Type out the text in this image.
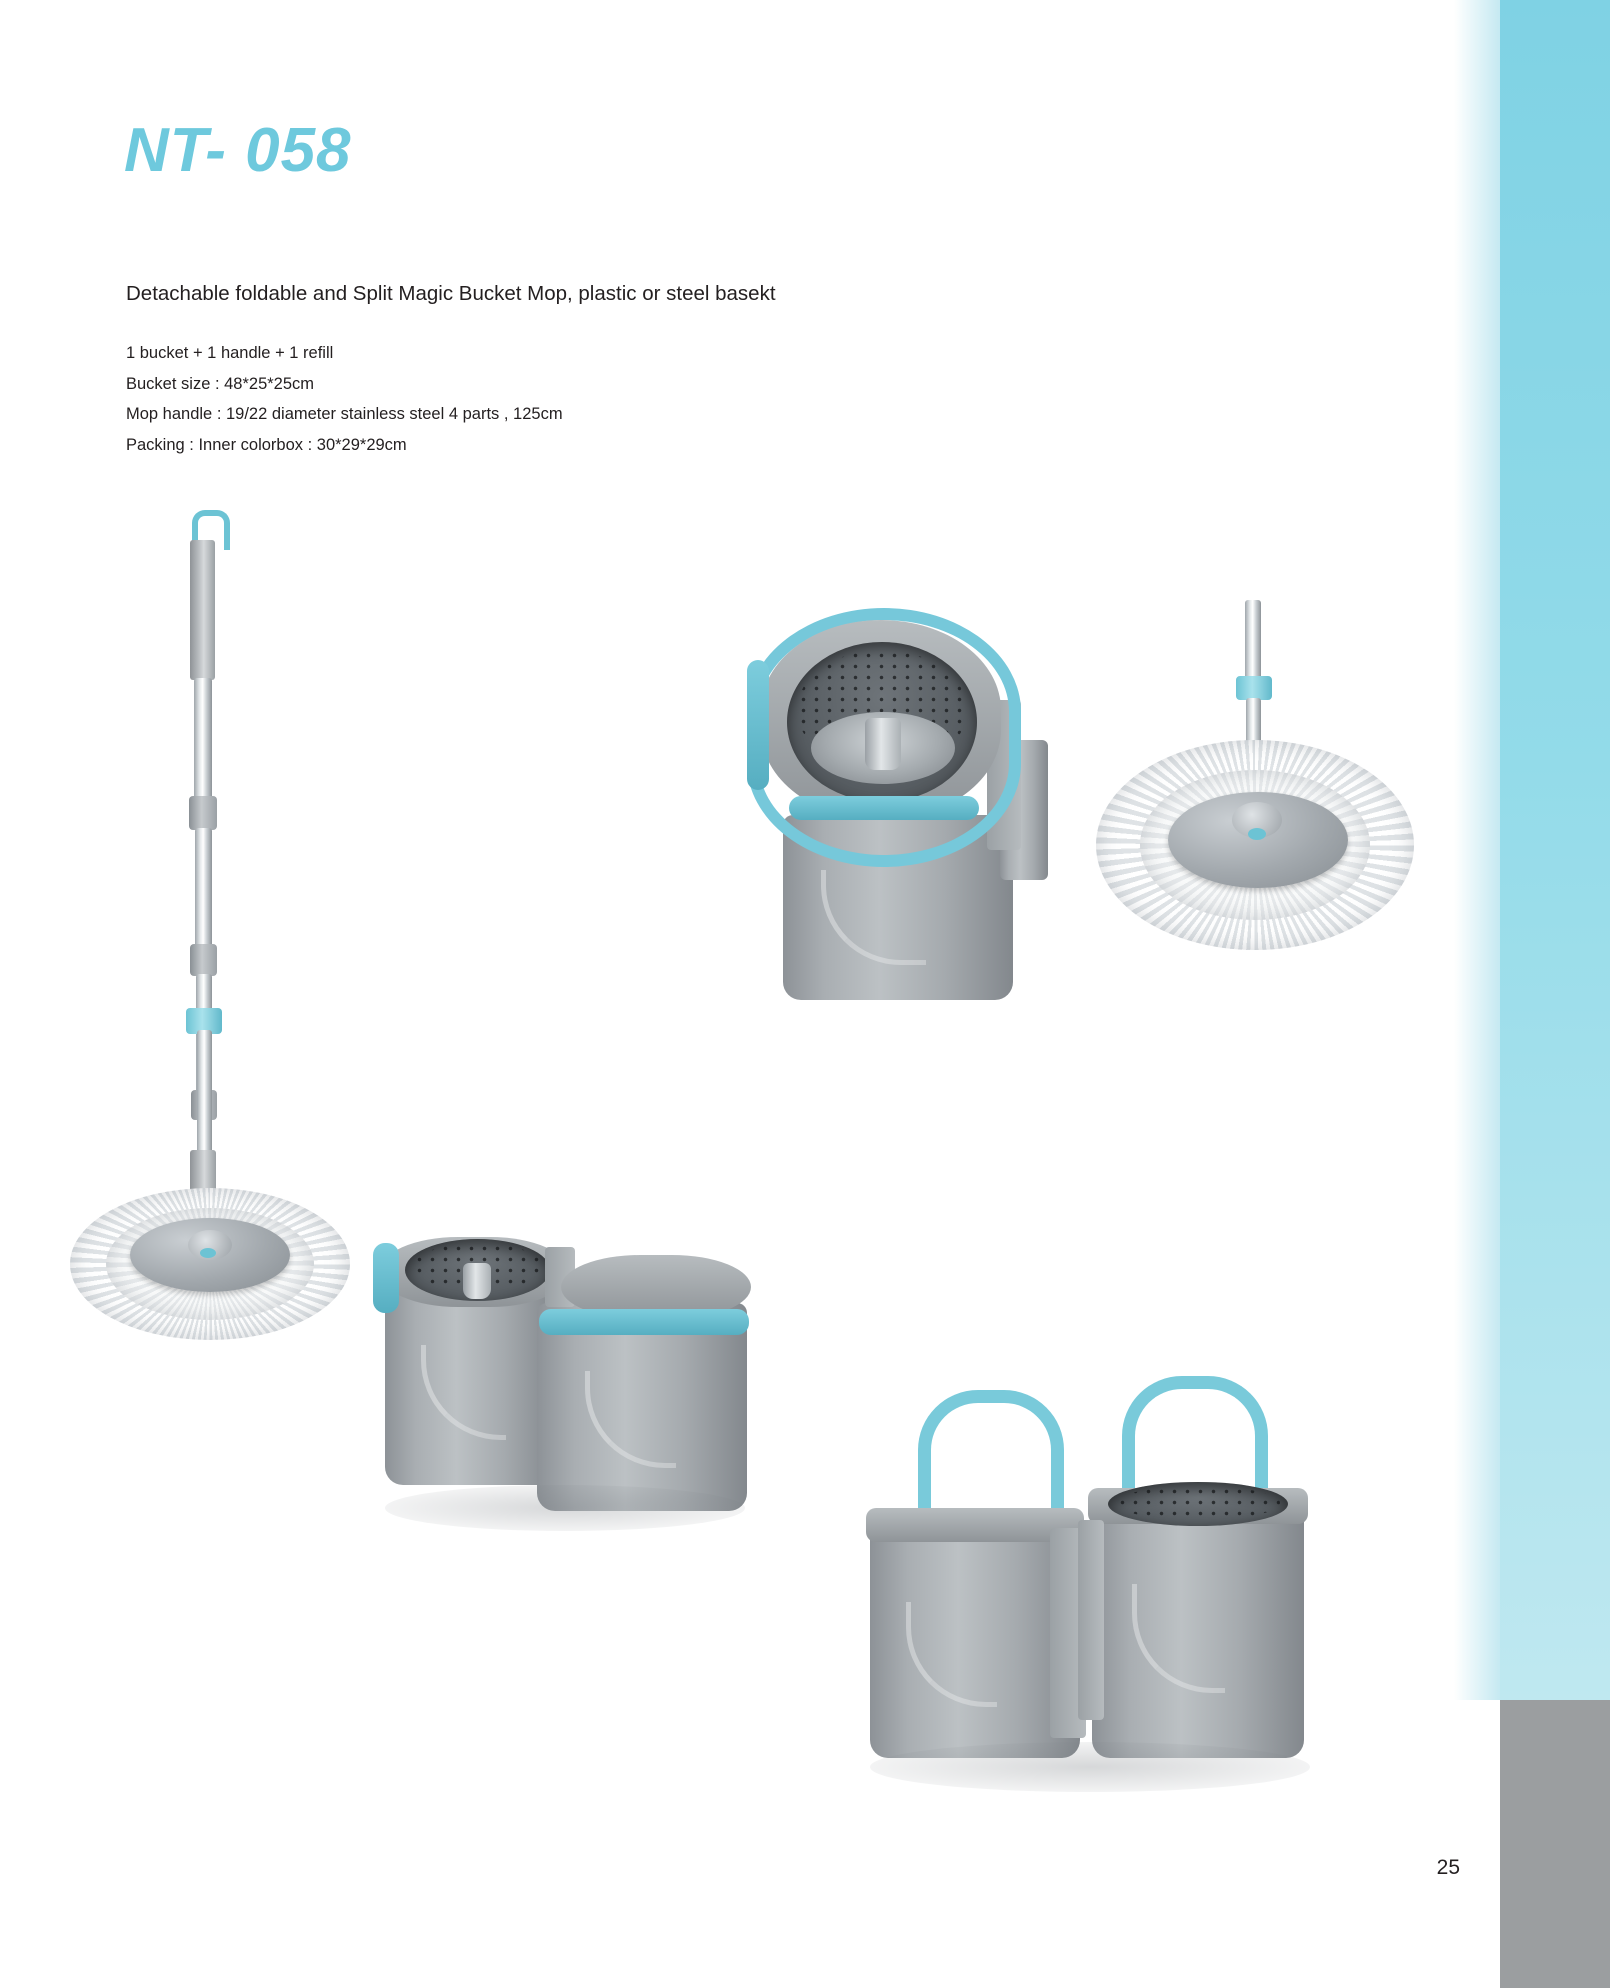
NT- 058
Detachable foldable and Split Magic Bucket Mop, plastic or steel basekt
1 bucket + 1 handle + 1 refill
Bucket size : 48*25*25cm
Mop handle : 19/22 diameter stainless steel 4 parts , 125cm
Packing : Inner colorbox : 30*29*29cm
25
